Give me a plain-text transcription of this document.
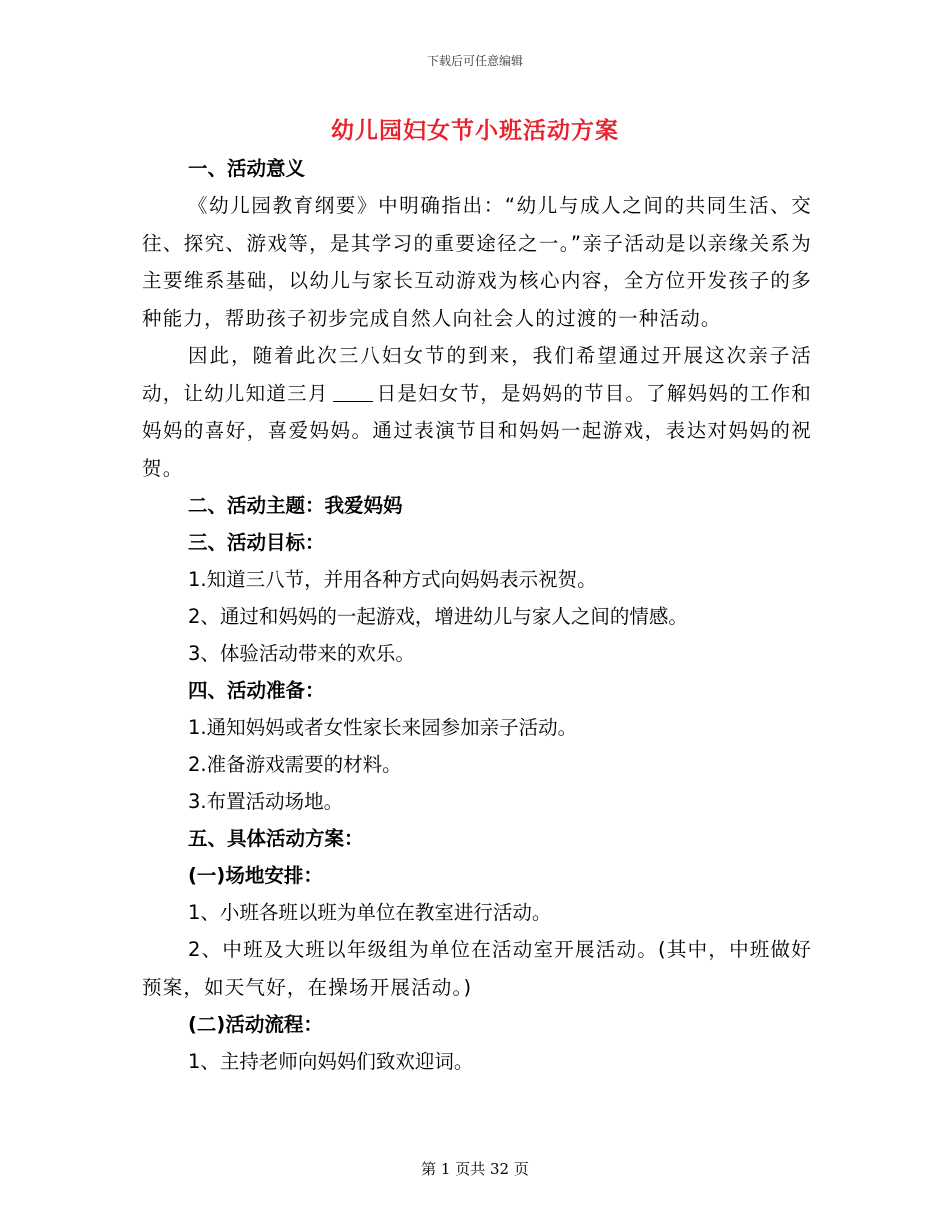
下载后可任意编辑
幼儿园妇女节小班活动方案
一、活动意义
《幼儿园教育纲要》中明确指出：“幼儿与成人之间的共同生活、交往、探究、游戏等，是其学习的重要途径之一。”亲子活动是以亲缘关系为主要维系基础，以幼儿与家长互动游戏为核心内容，全方位开发孩子的多种能力，帮助孩子初步完成自然人向社会人的过渡的一种活动。
因此，随着此次三八妇女节的到来，我们希望通过开展这次亲子活动，让幼儿知道三月 日是妇女节，是妈妈的节目。了解妈妈的工作和妈妈的喜好，喜爱妈妈。通过表演节目和妈妈一起游戏，表达对妈妈的祝贺。
二、活动主题：我爱妈妈
三、活动目标：
1.知道三八节，并用各种方式向妈妈表示祝贺。
2、通过和妈妈的一起游戏，增进幼儿与家人之间的情感。
3、体验活动带来的欢乐。
四、活动准备：
1.通知妈妈或者女性家长来园参加亲子活动。
2.准备游戏需要的材料。
3.布置活动场地。
五、具体活动方案：
(一)场地安排：
1、小班各班以班为单位在教室进行活动。
2、中班及大班以年级组为单位在活动室开展活动。(其中，中班做好预案，如天气好，在操场开展活动。)
(二)活动流程：
1、主持老师向妈妈们致欢迎词。
第 1 页共 32 页
